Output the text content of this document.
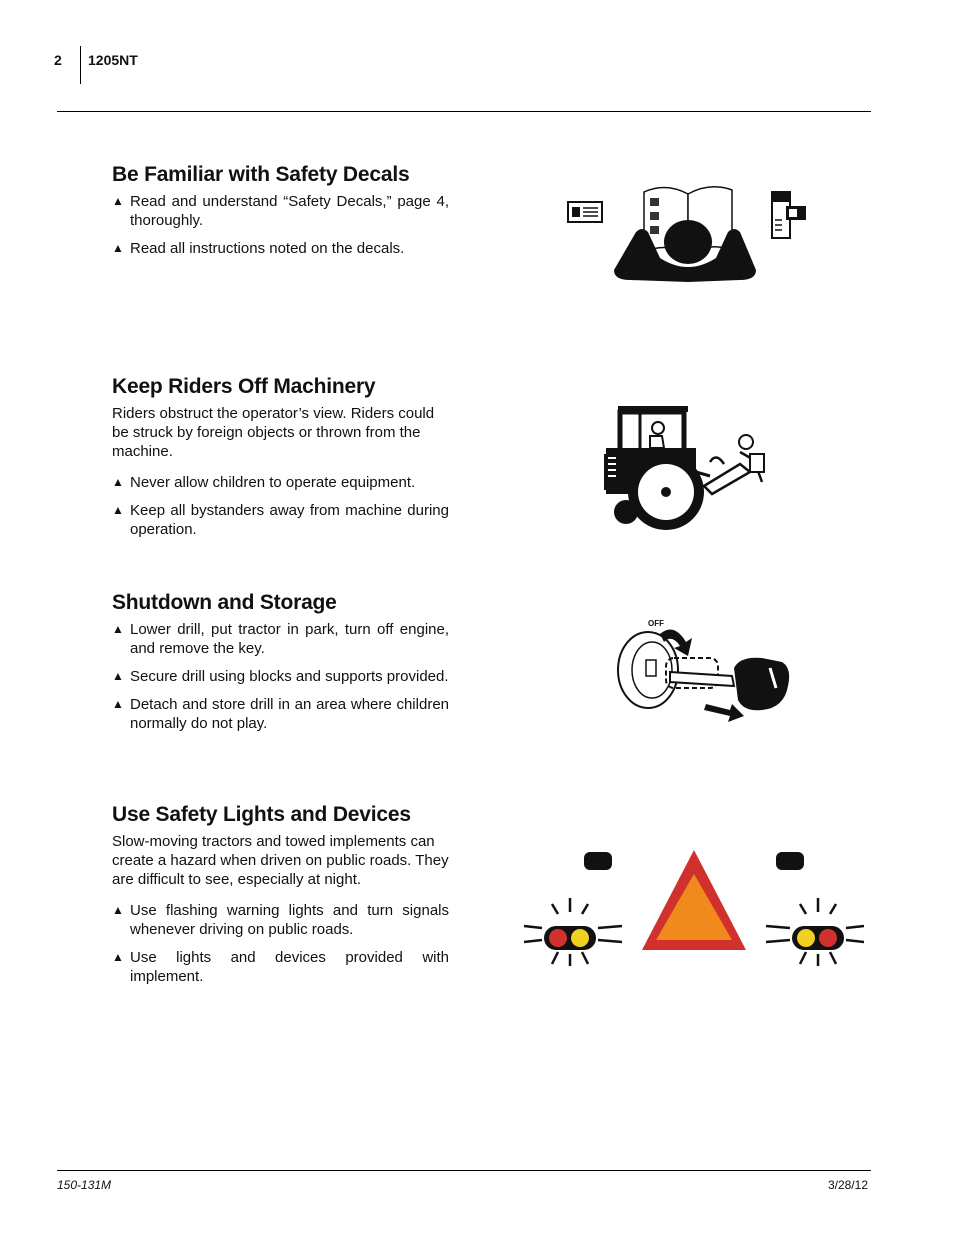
2 1205NT
Be Familiar with Safety Decals
▲ Read and understand “Safety Decals,” page 4, thoroughly.
▲ Read all instructions noted on the decals.
Keep Riders Off Machinery

Riders obstruct the operator’s view. Riders could be struck by foreign objects or thrown from the machine.

▲ Never allow children to operate equipment.
▲ Keep all bystanders away from machine during operation.
Shutdown and Storage
▲ Lower drill, put tractor in park, turn off engine, and remove the key.
▲ Secure drill using blocks and supports provided.
▲ Detach and store drill in an area where children normally do not play.
Use Safety Lights and Devices

Slow-moving tractors and towed implements can create a hazard when driven on public roads. They are difficult to see, especially at night.

▲ Use flashing warning lights and turn signals whenever driving on public roads.
▲ Use lights and devices provided with implement.
OFF
150-131M	3/28/12
